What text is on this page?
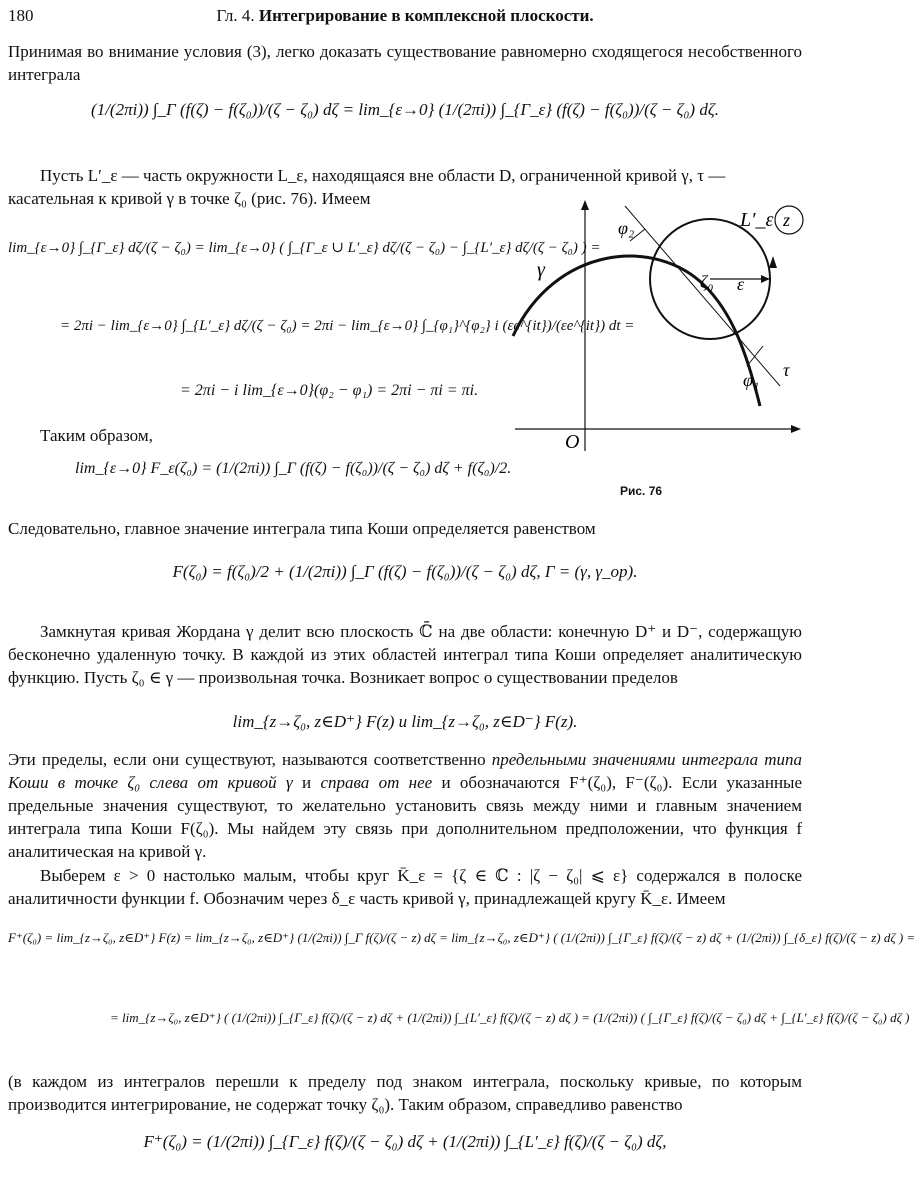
180	Гл. 4. Интегрирование в комплексной плоскости.
Принимая во внимание условия (3), легко доказать существование равномерно сходящегося несобственного интеграла
(1/(2πi)) ∫_Γ (f(ζ) − f(ζ₀))/(ζ − ζ₀) dζ = lim_{ε→0} (1/(2πi)) ∫_{Γ_ε} (f(ζ) − f(ζ₀))/(ζ − ζ₀) dζ.
Пусть L′_ε — часть окружности L_ε, находящаяся вне области D, ограниченной кривой γ, τ —
касательная к кривой γ в точке ζ₀ (рис. 76). Имеем
lim_{ε→0} ∫_{Γ_ε} dζ/(ζ − ζ₀) = lim_{ε→0} ( ∫_{Γ_ε ∪ L′_ε} dζ/(ζ − ζ₀) − ∫_{L′_ε} dζ/(ζ − ζ₀) ) =
= 2πi − lim_{ε→0} ∫_{L′_ε} dζ/(ζ − ζ₀) = 2πi − lim_{ε→0} ∫_{φ₁}^{φ₂} i (εe^{it})/(εe^{it}) dt =
= 2πi − i lim_{ε→0}(φ₂ − φ₁) = 2πi − πi = πi.
Таким образом,
lim_{ε→0} F_ε(ζ₀) = (1/(2πi)) ∫_Γ (f(ζ) − f(ζ₀))/(ζ − ζ₀) dζ + f(ζ₀)/2.
φ₂	L′_ε z
γ
ζ₀ ε
τ
φ₁
O
Рис. 76
Следовательно, главное значение интеграла типа Коши определяется равенством
F(ζ₀) = f(ζ₀)/2 + (1/(2πi)) ∫_Γ (f(ζ) − f(ζ₀))/(ζ − ζ₀) dζ, Γ = (γ, γ_op).
Замкнутая кривая Жордана γ делит всю плоскость ℂ̄ на две области: конечную D⁺ и D⁻, содержащую бесконечно удаленную точку. В каждой из этих областей интеграл типа Коши определяет аналитическую функцию. Пусть ζ₀ ∈ γ — произвольная точка. Возникает вопрос о существовании пределов
lim_{z→ζ₀, z∈D⁺} F(z) и lim_{z→ζ₀, z∈D⁻} F(z).
Эти пределы, если они существуют, называются соответственно предельными значениями интеграла типа Коши в точке ζ₀ слева от кривой γ и справа от нее и обозначаются F⁺(ζ₀), F⁻(ζ₀). Если указанные предельные значения существуют, то желательно установить связь между ними и главным значением интеграла типа Коши F(ζ₀). Мы найдем эту связь при дополнительном предположении, что функция f аналитическая на кривой γ.
Выберем ε > 0 настолько малым, чтобы круг K̄_ε = {ζ ∈ ℂ : |ζ − ζ₀| ⩽ ε} содержался в полоске аналитичности функции f. Обозначим через δ_ε часть кривой γ, принадлежащей кругу K̄_ε. Имеем
F⁺(ζ₀) = lim_{z→ζ₀, z∈D⁺} F(z) = lim_{z→ζ₀, z∈D⁺} (1/(2πi)) ∫_Γ f(ζ)/(ζ − z) dζ = lim_{z→ζ₀, z∈D⁺} ( (1/(2πi)) ∫_{Γ_ε} f(ζ)/(ζ − z) dζ + (1/(2πi)) ∫_{δ_ε} f(ζ)/(ζ − z) dζ ) =
= lim_{z→ζ₀, z∈D⁺} ( (1/(2πi)) ∫_{Γ_ε} f(ζ)/(ζ − z) dζ + (1/(2πi)) ∫_{L′_ε} f(ζ)/(ζ − z) dζ ) = (1/(2πi)) ( ∫_{Γ_ε} f(ζ)/(ζ − ζ₀) dζ + ∫_{L′_ε} f(ζ)/(ζ − ζ₀) dζ )
(в каждом из интегралов перешли к пределу под знаком интеграла, поскольку кривые, по которым производится интегрирование, не содержат точку ζ₀). Таким образом, справедливо равенство
F⁺(ζ₀) = (1/(2πi)) ∫_{Γ_ε} f(ζ)/(ζ − ζ₀) dζ + (1/(2πi)) ∫_{L′_ε} f(ζ)/(ζ − ζ₀) dζ,
